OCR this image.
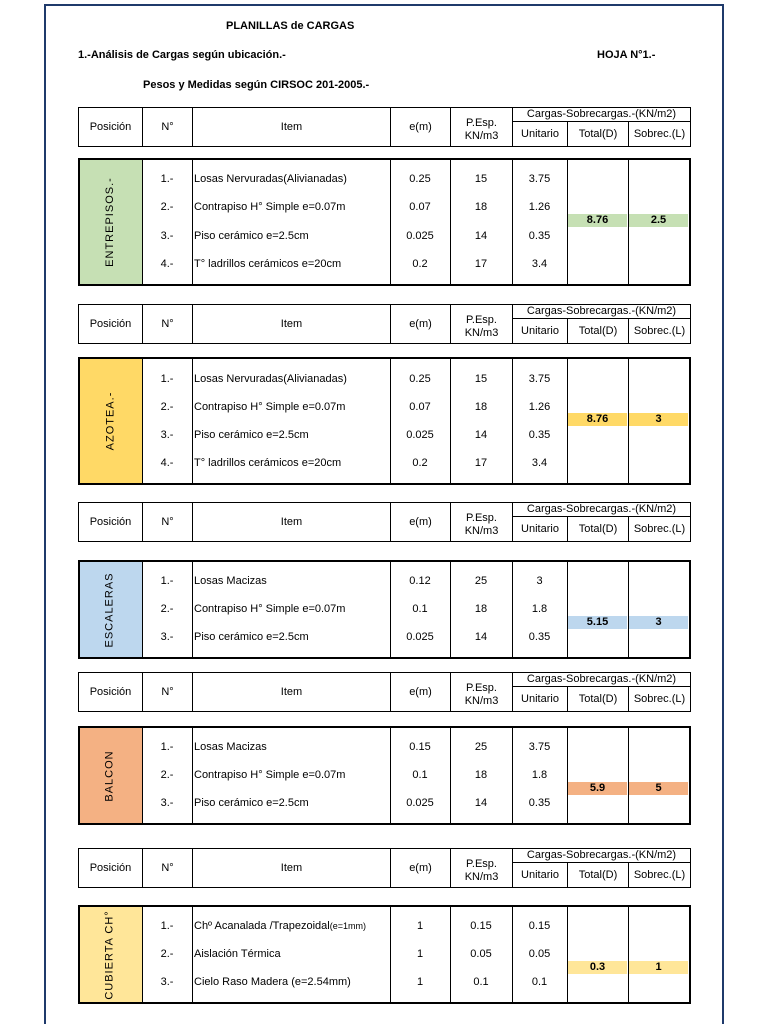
PLANILLAS de CARGAS
1.-Análisis de Cargas según ubicación.-	HOJA N°1.-
Pesos y Medidas según CIRSOC 201-2005.-
Posición	N°	Item	e(m)	P.Esp.
KN/m3
Cargas-Sobrecargas.-(KN/m2)
Unitario	Total(D)	Sobrec.(L)
ENTREPISOS.-	1.-	Losas Nervuradas(Alivianadas)	0.25	15	3.75
2.-	Contrapiso H° Simple e=0.07m	0.07	18	1.26
3.-	Piso cerámico e=2.5cm	0.025	14	0.35
4.-	T° ladrillos cerámicos e=20cm	0.2	17	3.4
8.76	2.5
Posición	N°	Item	e(m)	P.Esp.
KN/m3
Cargas-Sobrecargas.-(KN/m2)
Unitario	Total(D)	Sobrec.(L)
AZOTEA.-
1.-	Losas Nervuradas(Alivianadas)	0.25	15	3.75
2.-	Contrapiso H° Simple e=0.07m	0.07	18	1.26
3.-	Piso cerámico e=2.5cm	0.025	14	0.35
4.-	T° ladrillos cerámicos e=20cm	0.2	17	3.4
8.76	3
Posición	N°	Item	e(m)	P.Esp.
KN/m3
Cargas-Sobrecargas.-(KN/m2)
Unitario	Total(D)	Sobrec.(L)
ESCALERAS	1.-	Losas Macizas	0.12	25	3
2.-	Contrapiso H° Simple e=0.07m	0.1	18	1.8
3.-	Piso cerámico e=2.5cm	0.025	14	0.35
5.15	3
Posición	N°	Item	e(m)	P.Esp.
KN/m3
Cargas-Sobrecargas.-(KN/m2)
Unitario	Total(D)	Sobrec.(L)
BALCON
1.-	Losas Macizas	0.15	25	3.75
2.-	Contrapiso H° Simple e=0.07m	0.1	18	1.8
3.-	Piso cerámico e=2.5cm	0.025	14	0.35
5.9	5
Posición	N°	Item	e(m)	P.Esp.
KN/m3
Cargas-Sobrecargas.-(KN/m2)
Unitario	Total(D)	Sobrec.(L)
CUBIERTA CH°	1.-	Chº Acanalada /Trapezoidal(e=1mm)	1	0.15	0.15
2.-	Aislación Térmica	1	0.05	0.05
3.-	Cielo Raso Madera (e=2.54mm)	1	0.1	0.1
0.3	1
